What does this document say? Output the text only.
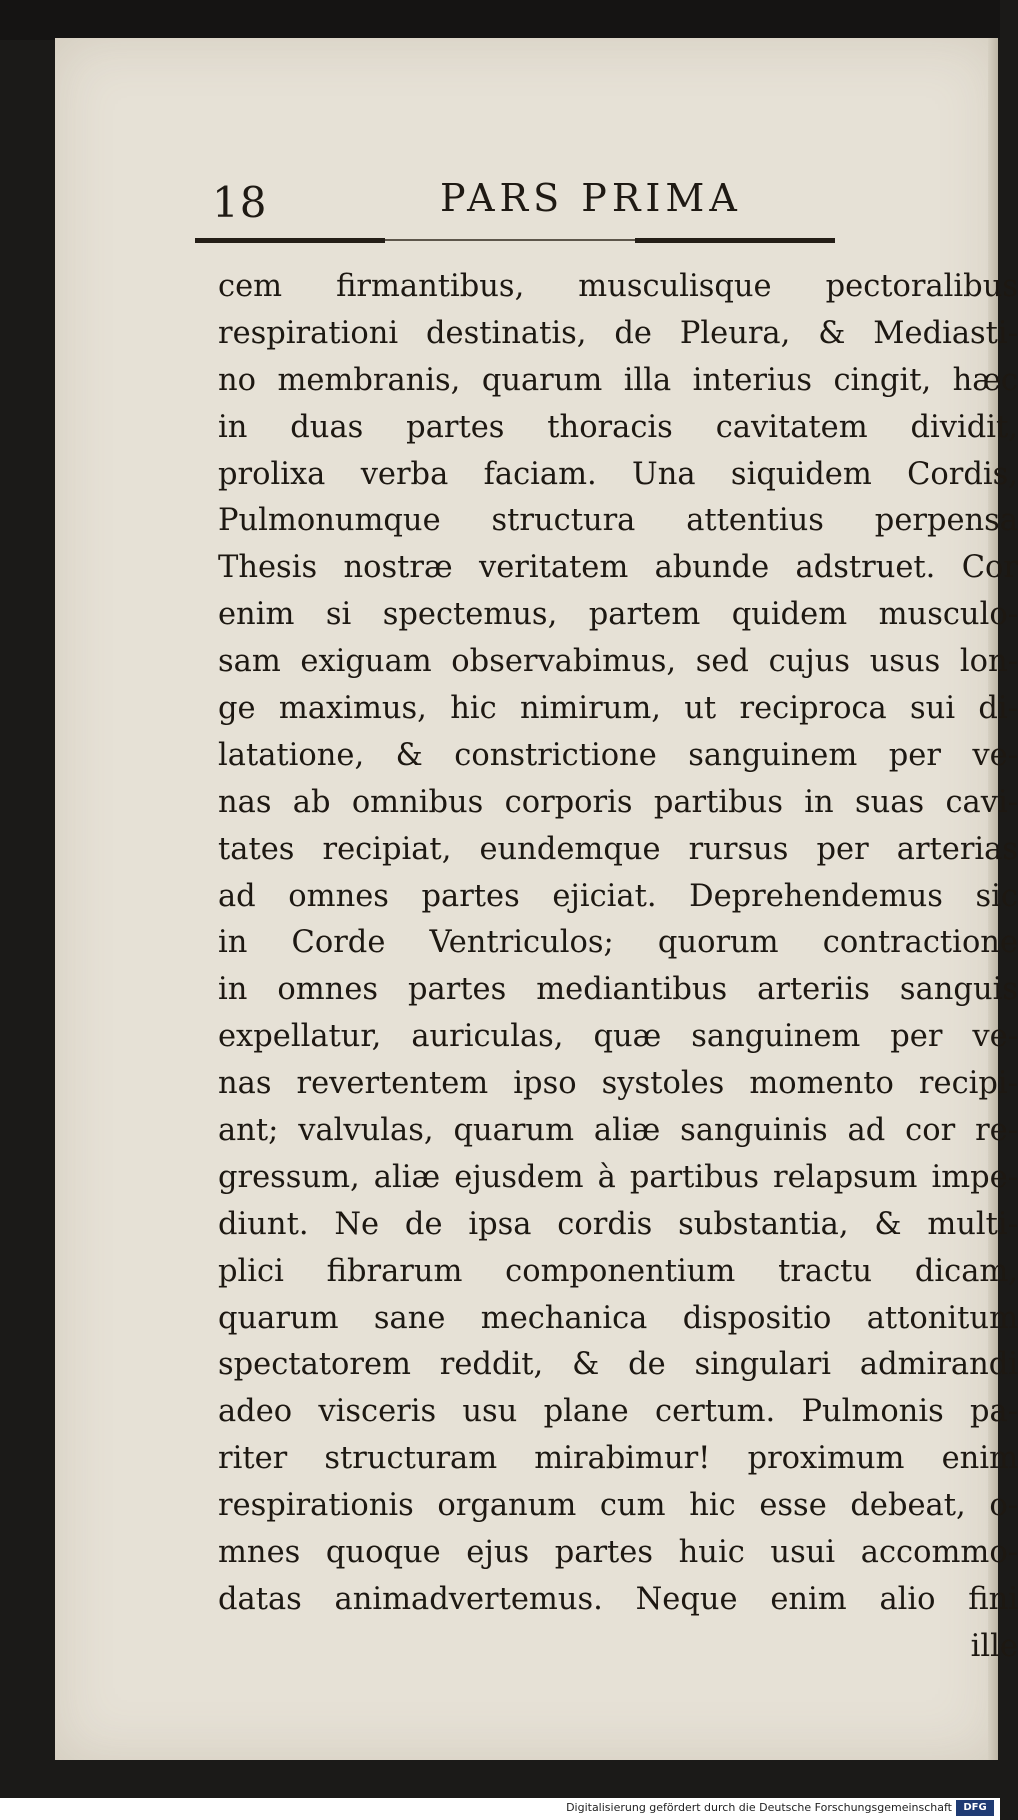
18	PARS PRIMA
cem firmantibus, musculisque pectoralibus
respirationi destinatis, de Pleura, & Mediasti-
no membranis, quarum illa interius cingit, hæc
in duas partes thoracis cavitatem dividit,
prolixa verba faciam. Una siquidem Cordis,
Pulmonumque structura attentius perpensa
Thesis nostræ veritatem abunde adstruet. Cor
enim si spectemus, partem quidem musculo-
sam exiguam observabimus, sed cujus usus lon-
ge maximus, hic nimirum, ut reciproca sui di-
latatione, & constrictione sanguinem per ve-
nas ab omnibus corporis partibus in suas cavi-
tates recipiat, eundemque rursus per arterias
ad omnes partes ejiciat. Deprehendemus sic
in Corde Ventriculos; quorum contractione
in omnes partes mediantibus arteriis sanguis
expellatur, auriculas, quæ sanguinem per ve-
nas revertentem ipso systoles momento recipi-
ant; valvulas, quarum aliæ sanguinis ad cor re-
gressum, aliæ ejusdem à partibus relapsum impe-
diunt. Ne de ipsa cordis substantia, & multi-
plici fibrarum componentium tractu dicam,
quarum sane mechanica dispositio attonitum
spectatorem reddit, & de singulari admirandi
adeo visceris usu plane certum. Pulmonis pa-
riter structuram mirabimur! proximum enim
respirationis organum cum hic esse debeat, o-
mnes quoque ejus partes huic usui accommo-
datas animadvertemus. Neque enim alio fini
ille
Digitalisierung gefördert durch die Deutsche Forschungsgemeinschaft	DFG
